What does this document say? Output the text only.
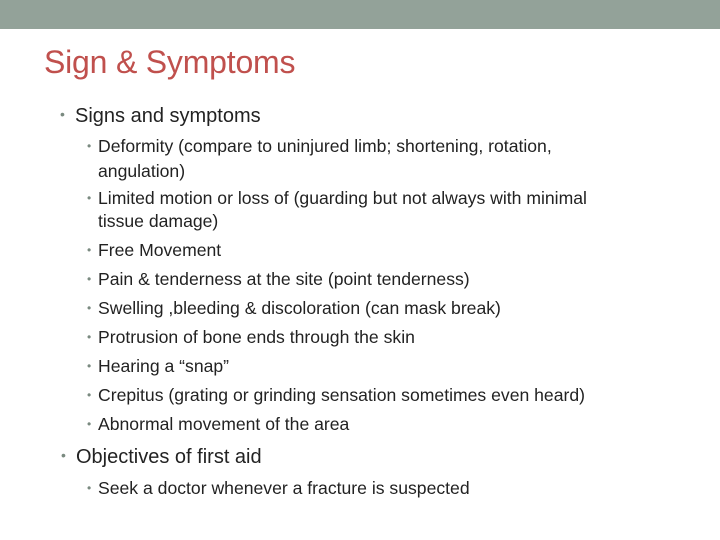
Sign & Symptoms
• Signs and symptoms
• Deformity (compare to uninjured limb; shortening, rotation,
angulation)
• Limited motion or loss of (guarding but not always with minimal
tissue damage)
• Free Movement
• Pain & tenderness at the site (point tenderness)
• Swelling ,bleeding & discoloration (can mask break)
• Protrusion of bone ends through the skin
• Hearing a “snap”
• Crepitus (grating or grinding sensation sometimes even heard)
• Abnormal movement of the area
• Objectives of first aid
• Seek a doctor whenever a fracture is suspected
